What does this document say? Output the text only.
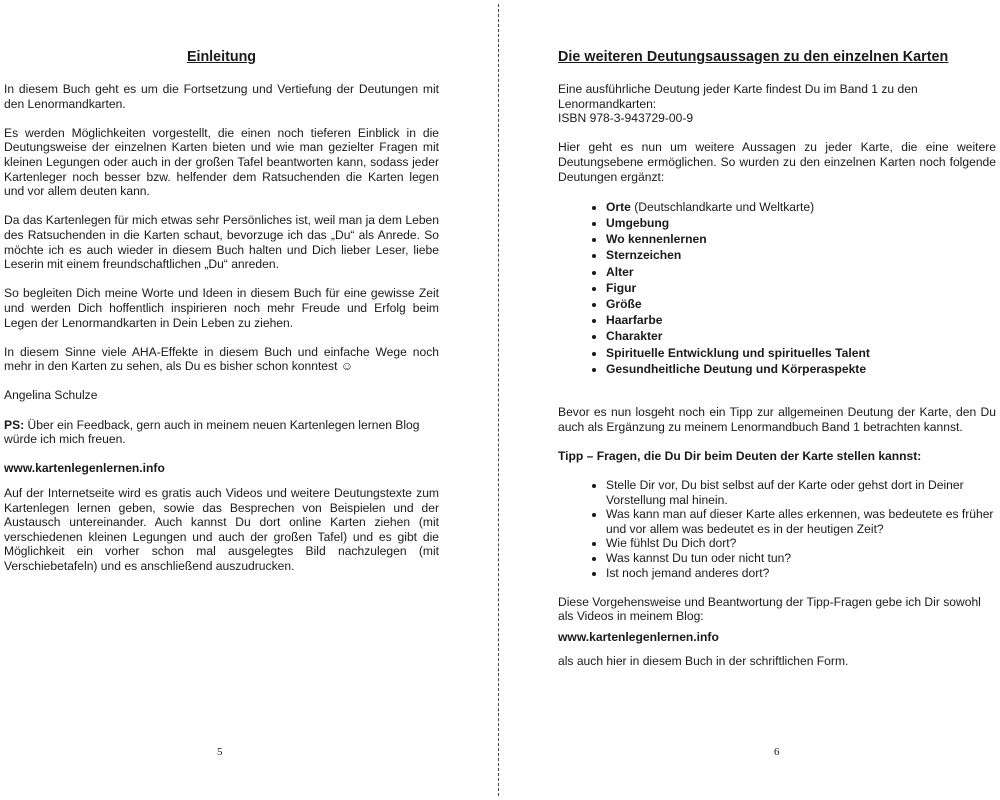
Einleitung

In diesem Buch geht es um die Fortsetzung und Vertiefung der Deutungen mit den Lenormandkarten.

Es werden Möglichkeiten vorgestellt, die einen noch tieferen Einblick in die Deutungsweise der einzelnen Karten bieten und wie man gezielter Fragen mit kleinen Legungen oder auch in der großen Tafel beantworten kann, sodass jeder Kartenleger noch besser bzw. helfender dem Ratsuchenden die Karten legen und vor allem deuten kann.

Da das Kartenlegen für mich etwas sehr Persönliches ist, weil man ja dem Leben des Ratsuchenden in die Karten schaut, bevorzuge ich das „Du“ als Anrede. So möchte ich es auch wieder in diesem Buch halten und Dich lieber Leser, liebe Leserin mit einem freundschaftlichen „Du“ anreden.

So begleiten Dich meine Worte und Ideen in diesem Buch für eine gewisse Zeit und werden Dich hoffentlich inspirieren noch mehr Freude und Erfolg beim Legen der Lenormandkarten in Dein Leben zu ziehen.

In diesem Sinne viele AHA-Effekte in diesem Buch und einfache Wege noch mehr in den Karten zu sehen, als Du es bisher schon konntest ☺

Angelina Schulze

PS: Über ein Feedback, gern auch in meinem neuen Kartenlegen lernen Blog würde ich mich freuen.

www.kartenlegenlernen.info

Auf der Internetseite wird es gratis auch Videos und weitere Deutungstexte zum Kartenlegen lernen geben, sowie das Besprechen von Beispielen und der Austausch untereinander. Auch kannst Du dort online Karten ziehen (mit verschiedenen kleinen Legungen und auch der großen Tafel) und es gibt die Möglichkeit ein vorher schon mal ausgelegtes Bild nachzulegen (mit Verschiebetafeln) und es anschließend auszudrucken.

5
Die weiteren Deutungsaussagen zu den einzelnen Karten

Eine ausführliche Deutung jeder Karte findest Du im Band 1 zu den Lenormandkarten:

ISBN 978-3-943729-00-9

Hier geht es nun um weitere Aussagen zu jeder Karte, die eine weitere Deutungsebene ermöglichen. So wurden zu den einzelnen Karten noch folgende Deutungen ergänzt:

• Orte (Deutschlandkarte und Weltkarte)
• Umgebung
• Wo kennenlernen
• Sternzeichen
• Alter
• Figur
• Größe
• Haarfarbe
• Charakter
• Spirituelle Entwicklung und spirituelles Talent
• Gesundheitliche Deutung und Körperaspekte

Bevor es nun losgeht noch ein Tipp zur allgemeinen Deutung der Karte, den Du auch als Ergänzung zu meinem Lenormandbuch Band 1 betrachten kannst.

Tipp – Fragen, die Du Dir beim Deuten der Karte stellen kannst:
• Stelle Dir vor, Du bist selbst auf der Karte oder gehst dort in Deiner Vorstellung mal hinein.
• Was kann man auf dieser Karte alles erkennen, was bedeutete es früher und vor allem was bedeutet es in der heutigen Zeit?
• Wie fühlst Du Dich dort?
• Was kannst Du tun oder nicht tun?
• Ist noch jemand anderes dort?

Diese Vorgehensweise und Beantwortung der Tipp-Fragen gebe ich Dir sowohl als Videos in meinem Blog:

www.kartenlegenlernen.info

als auch hier in diesem Buch in der schriftlichen Form.

6
